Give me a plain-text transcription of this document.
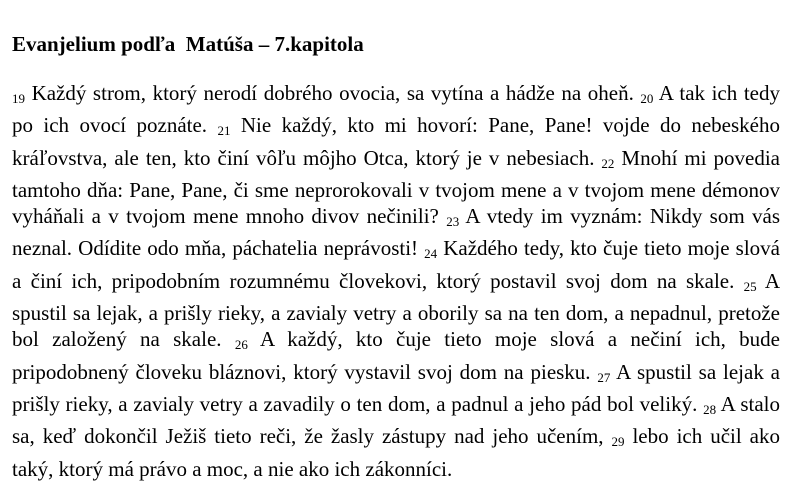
Evanjelium podľa  Matúša – 7.kapitola

19 Každý strom, ktorý nerodí dobrého ovocia, sa vytína a hádže na oheň. 20 A tak ich tedy po ich ovocí poznáte. 21 Nie každý, kto mi hovorí: Pane, Pane! vojde do nebeského kráľovstva, ale ten, kto činí vôľu môjho Otca, ktorý je v nebesiach. 22 Mnohí mi povedia tamtoho dňa: Pane, Pane, či sme neprorokovali v tvojom mene a v tvojom mene démonov vyháňali a v tvojom mene mnoho divov nečinili? 23 A vtedy im vyznám: Nikdy som vás neznal. Odídite odo mňa, páchatelia neprávosti! 24 Každého tedy, kto čuje tieto moje slová a činí ich, pripodobním rozumnému človekovi, ktorý postavil svoj dom na skale. 25 A spustil sa lejak, a prišly rieky, a zavialy vetry a oborily sa na ten dom, a nepadnul, pretože bol založený na skale. 26 A každý, kto čuje tieto moje slová a nečiní ich, bude pripodobnený človeku bláznovi, ktorý vystavil svoj dom na piesku. 27 A spustil sa lejak a prišly rieky, a zavialy vetry a zavadily o ten dom, a padnul a jeho pád bol veliký. 28 A stalo sa, keď dokončil Ježiš tieto reči, že žasly zástupy nad jeho učením, 29 lebo ich učil ako taký, ktorý má právo a moc, a nie ako ich zákonníci.
